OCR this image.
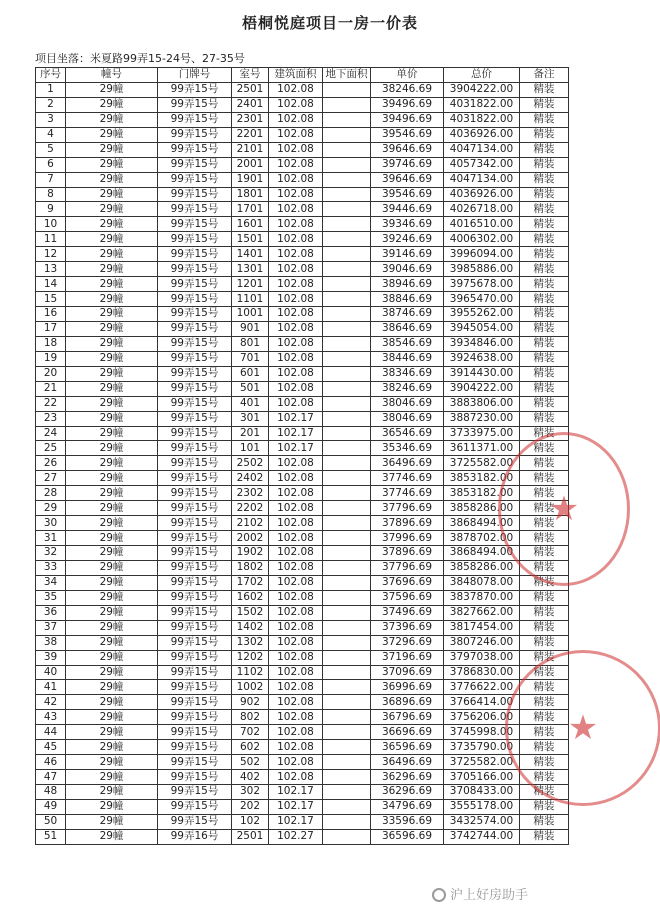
梧桐悦庭项目一房一价表
项目坐落：米夏路99弄15-24号、27-35号
序号	幢号	门牌号	室号	建筑面积	地下面积	单价	总价	备注
1	29幢	99弄15号	2501	102.08		38246.69	3904222.00	精装
2	29幢	99弄15号	2401	102.08		39496.69	4031822.00	精装
3	29幢	99弄15号	2301	102.08		39496.69	4031822.00	精装
4	29幢	99弄15号	2201	102.08		39546.69	4036926.00	精装
5	29幢	99弄15号	2101	102.08		39646.69	4047134.00	精装
6	29幢	99弄15号	2001	102.08		39746.69	4057342.00	精装
7	29幢	99弄15号	1901	102.08		39646.69	4047134.00	精装
8	29幢	99弄15号	1801	102.08		39546.69	4036926.00	精装
9	29幢	99弄15号	1701	102.08		39446.69	4026718.00	精装
10	29幢	99弄15号	1601	102.08		39346.69	4016510.00	精装
11	29幢	99弄15号	1501	102.08		39246.69	4006302.00	精装
12	29幢	99弄15号	1401	102.08		39146.69	3996094.00	精装
13	29幢	99弄15号	1301	102.08		39046.69	3985886.00	精装
14	29幢	99弄15号	1201	102.08		38946.69	3975678.00	精装
15	29幢	99弄15号	1101	102.08		38846.69	3965470.00	精装
16	29幢	99弄15号	1001	102.08		38746.69	3955262.00	精装
17	29幢	99弄15号	901	102.08		38646.69	3945054.00	精装
18	29幢	99弄15号	801	102.08		38546.69	3934846.00	精装
19	29幢	99弄15号	701	102.08		38446.69	3924638.00	精装
20	29幢	99弄15号	601	102.08		38346.69	3914430.00	精装
21	29幢	99弄15号	501	102.08		38246.69	3904222.00	精装
22	29幢	99弄15号	401	102.08		38046.69	3883806.00	精装
23	29幢	99弄15号	301	102.17		38046.69	3887230.00	精装
24	29幢	99弄15号	201	102.17		36546.69	3733975.00	精装
25	29幢	99弄15号	101	102.17		35346.69	3611371.00	精装
26	29幢	99弄15号	2502	102.08		36496.69	3725582.00	精装
27	29幢	99弄15号	2402	102.08		37746.69	3853182.00	精装
28	29幢	99弄15号	2302	102.08		37746.69	3853182.00	精装
29	29幢	99弄15号	2202	102.08		37796.69	3858286.00	精装
30	29幢	99弄15号	2102	102.08		37896.69	3868494.00	精装
31	29幢	99弄15号	2002	102.08		37996.69	3878702.00	精装
32	29幢	99弄15号	1902	102.08		37896.69	3868494.00	精装
33	29幢	99弄15号	1802	102.08		37796.69	3858286.00	精装
34	29幢	99弄15号	1702	102.08		37696.69	3848078.00	精装
35	29幢	99弄15号	1602	102.08		37596.69	3837870.00	精装
36	29幢	99弄15号	1502	102.08		37496.69	3827662.00	精装
37	29幢	99弄15号	1402	102.08		37396.69	3817454.00	精装
38	29幢	99弄15号	1302	102.08		37296.69	3807246.00	精装
39	29幢	99弄15号	1202	102.08		37196.69	3797038.00	精装
40	29幢	99弄15号	1102	102.08		37096.69	3786830.00	精装
41	29幢	99弄15号	1002	102.08		36996.69	3776622.00	精装
42	29幢	99弄15号	902	102.08		36896.69	3766414.00	精装
43	29幢	99弄15号	802	102.08		36796.69	3756206.00	精装
44	29幢	99弄15号	702	102.08		36696.69	3745998.00	精装
45	29幢	99弄15号	602	102.08		36596.69	3735790.00	精装
46	29幢	99弄15号	502	102.08		36496.69	3725582.00	精装
47	29幢	99弄15号	402	102.08		36296.69	3705166.00	精装
48	29幢	99弄15号	302	102.17		36296.69	3708433.00	精装
49	29幢	99弄15号	202	102.17		34796.69	3555178.00	精装
50	29幢	99弄15号	102	102.17		33596.69	3432574.00	精装
51	29幢	99弄16号	2501	102.27		36596.69	3742744.00	精装
★
★
沪上好房助手
